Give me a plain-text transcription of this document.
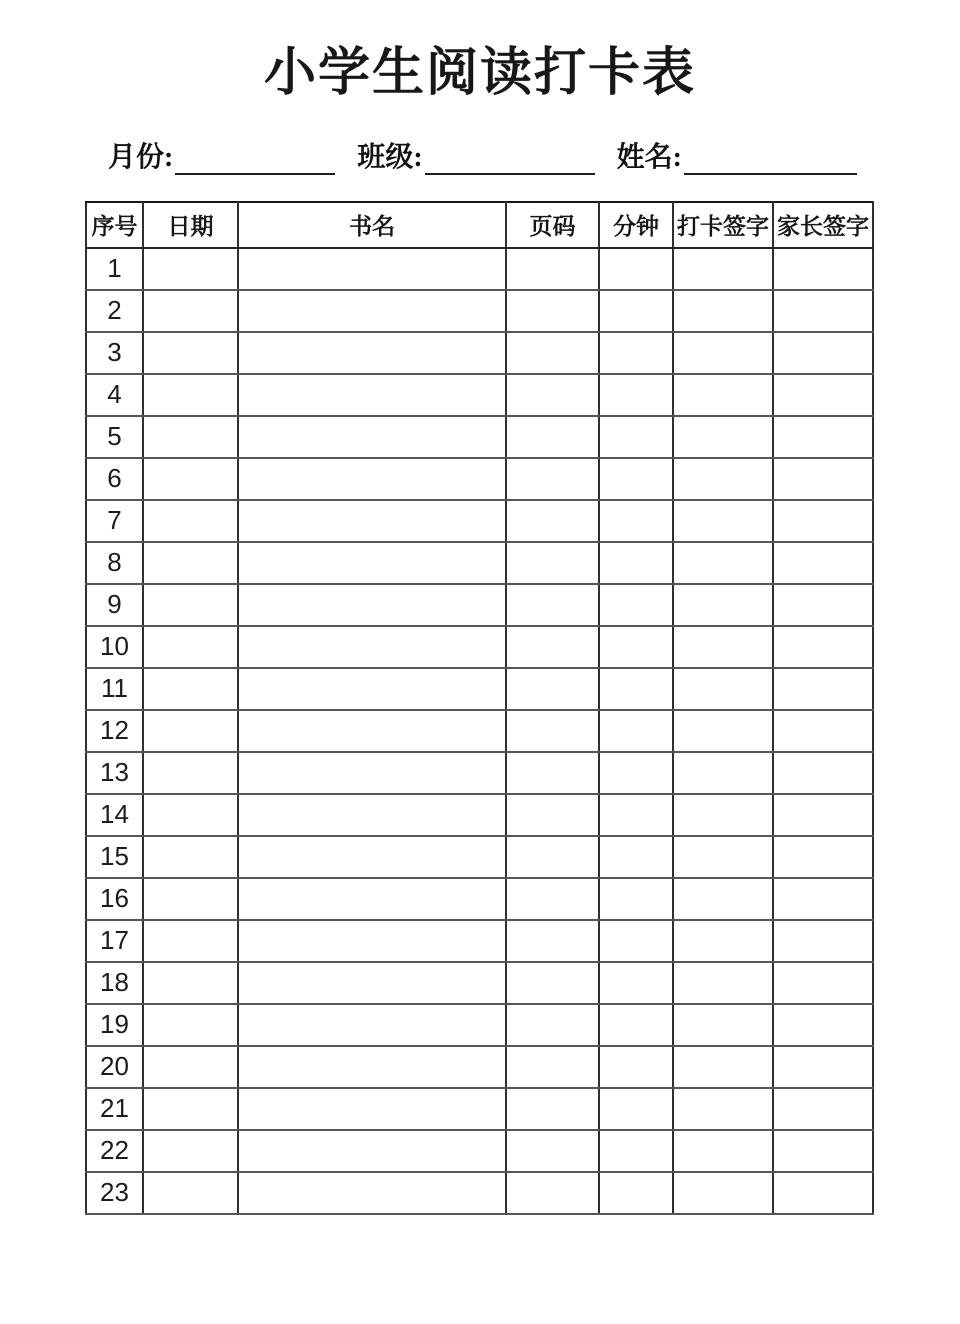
小学生阅读打卡表
月份:	班级:	姓名:
序号	日期	书名	页码	分钟	打卡签字	家长签字
1						
2						
3						
4						
5						
6						
7						
8						
9						
10						
11						
12						
13						
14						
15						
16						
17						
18						
19						
20						
21						
22						
23						
